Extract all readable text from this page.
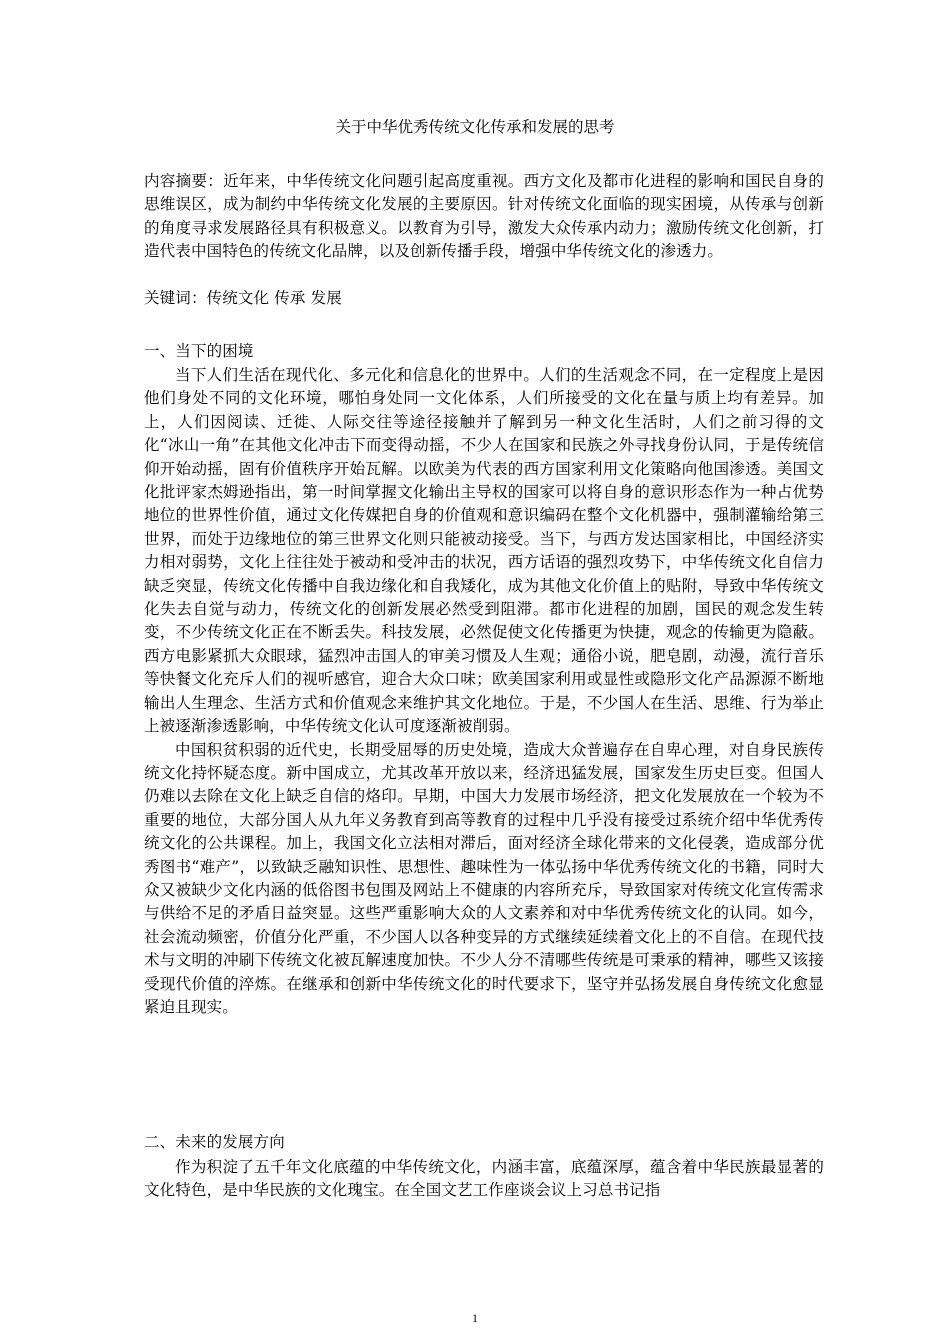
关于中华优秀传统文化传承和发展的思考

内容摘要：近年来，中华传统文化问题引起高度重视。西方文化及都市化进程的影响和国民自身的思维误区，成为制约中华传统文化发展的主要原因。针对传统文化面临的现实困境，从传承与创新的角度寻求发展路径具有积极意义。以教育为引导，激发大众传承内动力；激励传统文化创新，打造代表中国特色的传统文化品牌，以及创新传播手段，增强中华传统文化的渗透力。

关键词：传统文化 传承 发展

一、当下的困境

当下人们生活在现代化、多元化和信息化的世界中。人们的生活观念不同，在一定程度上是因他们身处不同的文化环境，哪怕身处同一文化体系，人们所接受的文化在量与质上均有差异。加上，人们因阅读、迁徙、人际交往等途径接触并了解到另一种文化生活时，人们之前习得的文化“冰山一角”在其他文化冲击下而变得动摇，不少人在国家和民族之外寻找身份认同，于是传统信仰开始动摇，固有价值秩序开始瓦解。以欧美为代表的西方国家利用文化策略向他国渗透。美国文化批评家杰姆逊指出，第一时间掌握文化输出主导权的国家可以将自身的意识形态作为一种占优势地位的世界性价值，通过文化传媒把自身的价值观和意识编码在整个文化机器中，强制灌输给第三世界，而处于边缘地位的第三世界文化则只能被动接受。当下，与西方发达国家相比，中国经济实力相对弱势，文化上往往处于被动和受冲击的状况，西方话语的强烈攻势下，中华传统文化自信力缺乏突显，传统文化传播中自我边缘化和自我矮化，成为其他文化价值上的贴附，导致中华传统文化失去自觉与动力，传统文化的创新发展必然受到阻滞。都市化进程的加剧，国民的观念发生转变，不少传统文化正在不断丢失。科技发展，必然促使文化传播更为快捷，观念的传输更为隐蔽。西方电影紧抓大众眼球，猛烈冲击国人的审美习惯及人生观；通俗小说，肥皂剧，动漫，流行音乐等快餐文化充斥人们的视听感官，迎合大众口味；欧美国家利用或显性或隐形文化产品源源不断地输出人生理念、生活方式和价值观念来维护其文化地位。于是，不少国人在生活、思维、行为举止上被逐渐渗透影响，中华传统文化认可度逐渐被削弱。

中国积贫积弱的近代史，长期受屈辱的历史处境，造成大众普遍存在自卑心理，对自身民族传统文化持怀疑态度。新中国成立，尤其改革开放以来，经济迅猛发展，国家发生历史巨变。但国人仍难以去除在文化上缺乏自信的烙印。早期，中国大力发展市场经济，把文化发展放在一个较为不重要的地位，大部分国人从九年义务教育到高等教育的过程中几乎没有接受过系统介绍中华优秀传统文化的公共课程。加上，我国文化立法相对滞后，面对经济全球化带来的文化侵袭，造成部分优秀图书“难产”，以致缺乏融知识性、思想性、趣味性为一体弘扬中华优秀传统文化的书籍，同时大众又被缺少文化内涵的低俗图书包围及网站上不健康的内容所充斥，导致国家对传统文化宣传需求与供给不足的矛盾日益突显。这些严重影响大众的人文素养和对中华优秀传统文化的认同。如今，社会流动频密，价值分化严重，不少国人以各种变异的方式继续延续着文化上的不自信。在现代技术与文明的冲刷下传统文化被瓦解速度加快。不少人分不清哪些传统是可秉承的精神，哪些又该接受现代价值的淬炼。在继承和创新中华传统文化的时代要求下，坚守并弘扬发展自身传统文化愈显紧迫且现实。

二、未来的发展方向

作为积淀了五千年文化底蕴的中华传统文化，内涵丰富，底蕴深厚，蕴含着中华民族最显著的文化特色，是中华民族的文化瑰宝。在全国文艺工作座谈会议上习总书记指

1
